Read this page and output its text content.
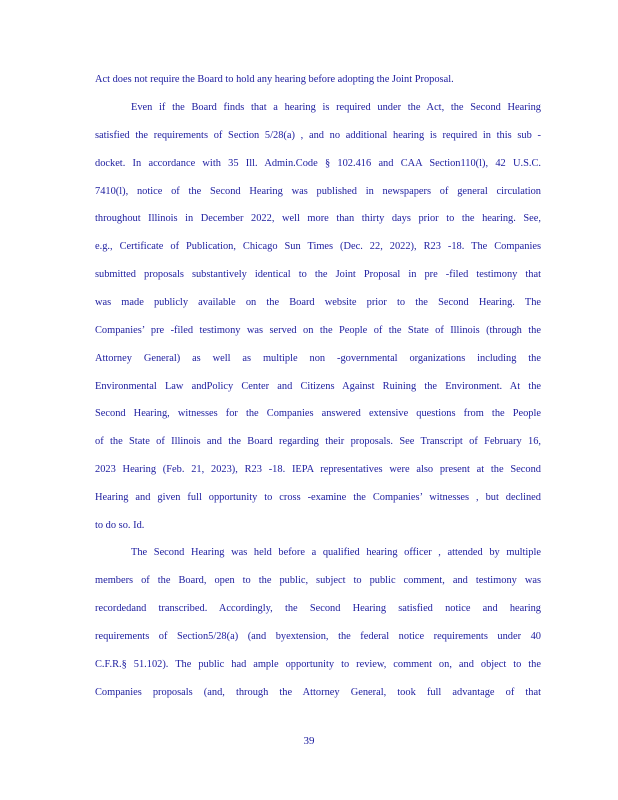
Act does not require the Board to hold any hearing before adopting the Joint Proposal.
Even if the Board finds that a hearing is required under the Act, the Second Hearing
satisfied the requirements of Section 5/28(a) , and no additional hearing is required in this sub -
docket. In accordance with 35 Ill. Admin.Code § 102.416 and CAA Section110(l), 42 U.S.C.
7410(l), notice of the Second Hearing was published in newspapers of general circulation
throughout Illinois in December 2022, well more than thirty days prior to the hearing. See,
e.g., Certificate of Publication, Chicago Sun Times (Dec. 22, 2022), R23 -18. The Companies
submitted proposals substantively identical to the Joint Proposal in pre -filed testimony that
was made publicly available on the Board website prior to the Second Hearing. The
Companies’ pre -filed testimony was served on the People of the State of Illinois (through the
Attorney General) as well as multiple non -governmental organizations including the
Environmental Law andPolicy Center and Citizens Against Ruining the Environment. At the
Second Hearing, witnesses for the Companies answered extensive questions from the People
of the State of Illinois and the Board regarding their proposals. See Transcript of February 16,
2023 Hearing (Feb. 21, 2023), R23 -18. IEPA representatives were also present at the Second
Hearing and given full opportunity to cross -examine the Companies’ witnesses , but declined
to do so. Id.
The Second Hearing was held before a qualified hearing officer , attended by multiple
members of the Board, open to the public, subject to public comment, and testimony was
recordedand transcribed. Accordingly, the Second Hearing satisfied notice and hearing
requirements of Section5/28(a) (and byextension, the federal notice requirements under 40
C.F.R.§ 51.102). The public had ample opportunity to review, comment on, and object to the
Companies proposals (and, through the Attorney General, took full advantage of that
39
